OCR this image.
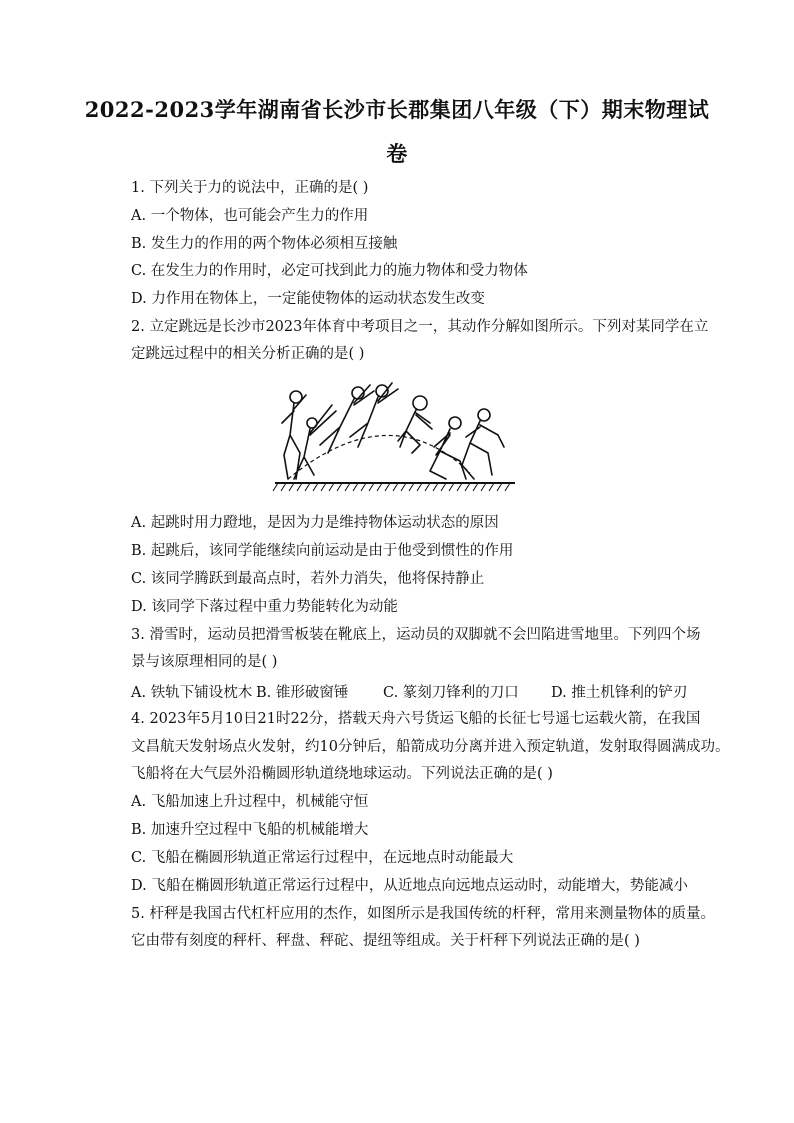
2022-2023学年湖南省长沙市长郡集团八年级（下）期末物理试
卷
1. 下列关于力的说法中，正确的是( )
A. 一个物体，也可能会产生力的作用
B. 发生力的作用的两个物体必须相互接触
C. 在发生力的作用时，必定可找到此力的施力物体和受力物体
D. 力作用在物体上，一定能使物体的运动状态发生改变
2. 立定跳远是长沙市2023年体育中考项目之一，其动作分解如图所示。下列对某同学在立
定跳远过程中的相关分析正确的是( )
A. 起跳时用力蹬地，是因为力是维持物体运动状态的原因
B. 起跳后，该同学能继续向前运动是由于他受到惯性的作用
C. 该同学腾跃到最高点时，若外力消失，他将保持静止
D. 该同学下落过程中重力势能转化为动能
3. 滑雪时，运动员把滑雪板装在靴底上，运动员的双脚就不会凹陷进雪地里。下列四个场
景与该原理相同的是( )
A. 铁轨下铺设枕木 B. 锥形破窗锤 C. 篆刻刀锋利的刀口 D. 推土机锋利的铲刃
4. 2023年5月10日21时22分，搭载天舟六号货运飞船的长征七号遥七运载火箭，在我国
文昌航天发射场点火发射，约10分钟后，船箭成功分离并进入预定轨道，发射取得圆满成功。
飞船将在大气层外沿椭圆形轨道绕地球运动。下列说法正确的是( )
A. 飞船加速上升过程中，机械能守恒
B. 加速升空过程中飞船的机械能增大
C. 飞船在椭圆形轨道正常运行过程中，在远地点时动能最大
D. 飞船在椭圆形轨道正常运行过程中，从近地点向远地点运动时，动能增大，势能减小
5. 杆秤是我国古代杠杆应用的杰作，如图所示是我国传统的杆秤，常用来测量物体的质量。
它由带有刻度的秤杆、秤盘、秤砣、提纽等组成。关于杆秤下列说法正确的是( )
